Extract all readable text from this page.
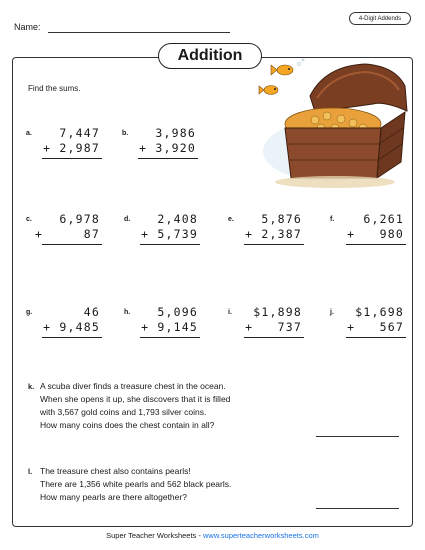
Name:
4-Digit Addends
Addition
Find the sums.
a. 7,447
+ 2,987
b. 3,986
+ 3,920
c. 6,978
+     87
d. 2,408
+ 5,739
e. 5,876
+ 2,387
f.	6,261
+   980
g.	46
+ 9,485
h. 5,096
+ 9,145
i. $1,898
+   737
j. $1,698
+   567
k. A scuba diver finds a treasure chest in the ocean.
When she opens it up, she discovers that it is filled
with 3,567 gold coins and 1,793 silver coins.
How many coins does the chest contain in all?
l. The treasure chest also contains pearls!
There are 1,356 white pearls and 562 black pearls.
How many pearls are there altogether?
Super Teacher Worksheets - www.superteacherworksheets.com
